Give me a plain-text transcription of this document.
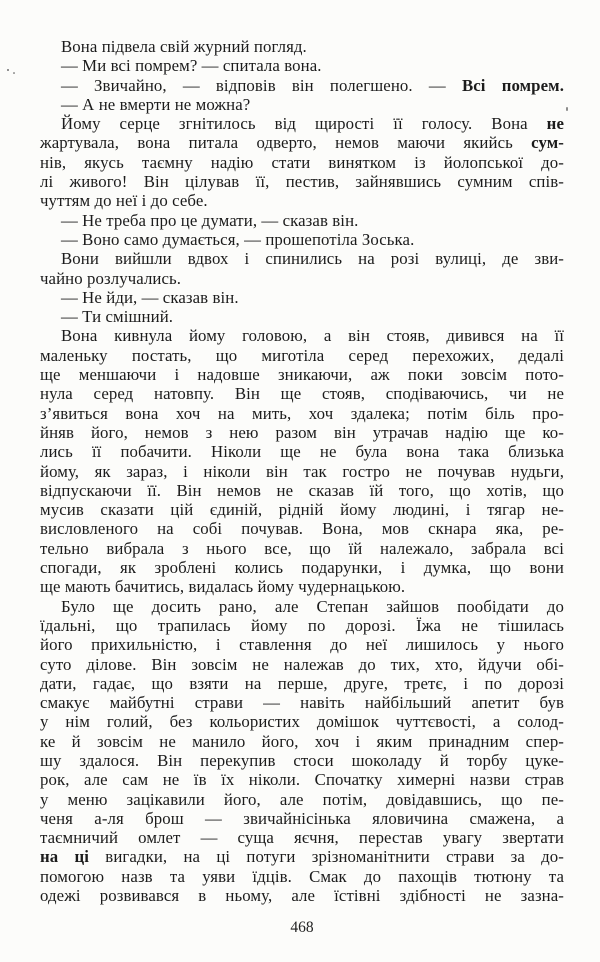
Вона підвела свій журний погляд.
— Ми всі помрем? — спитала вона.
— Звичайно, — відповів він полегшено. — Всі помрем.
— А не вмерти не можна?
Йому серце згнітилось від щирості її голосу. Вона не
жартувала, вона питала одверто, немов маючи якийсь сум-
нів, якусь таємну надію стати винятком із йолопської до-
лі живого! Він цілував її, пестив, зайнявшись сумним спів-
чуттям до неї і до себе.
— Не треба про це думати, — сказав він.
— Воно само думається, — прошепотіла Зоська.
Вони вийшли вдвох і спинились на розі вулиці, де зви-
чайно розлучались.
— Не йди, — сказав він.
— Ти смішний.
Вона кивнула йому головою, а він стояв, дивився на її
маленьку постать, що миготіла серед перехожих, дедалі
ще меншаючи і надовше зникаючи, аж поки зовсім пото-
нула серед натовпу. Він ще стояв, сподіваючись, чи не
з’явиться вона хоч на мить, хоч здалека; потім біль про-
йняв його, немов з нею разом він утрачав надію ще ко-
лись її побачити. Ніколи ще не була вона така близька
йому, як зараз, і ніколи він так гостро не почував нудьги,
відпускаючи її. Він немов не сказав їй того, що хотів, що
мусив сказати цій єдиній, рідній йому людині, і тягар не-
висловленого на собі почував. Вона, мов скнара яка, ре-
тельно вибрала з нього все, що їй належало, забрала всі
спогади, як зроблені колись подарунки, і думка, що вони
ще мають бачитись, видалась йому чудернацькою.
Було ще досить рано, але Степан зайшов пообідати до
їдальні, що трапилась йому по дорозі. Їжа не тішилась
його прихильністю, і ставлення до неї лишилось у нього
суто ділове. Він зовсім не належав до тих, хто, йдучи обі-
дати, гадає, що взяти на перше, друге, третє, і по дорозі
смакує майбутні страви — навіть найбільший апетит був
у нім голий, без кольористих домішок чуттєвості, а солод-
ке й зовсім не манило його, хоч і яким принадним спер-
шу здалося. Він перекупив стоси шоколаду й торбу цуке-
рок, але сам не їв їх ніколи. Спочатку химерні назви страв
у меню зацікавили його, але потім, довідавшись, що пе-
ченя а-ля брош — звичайнісінька яловичина смажена, а
таємничий омлет — суща яєчня, перестав увагу звертати
на ці вигадки, на ці потуги зрізноманітнити страви за до-
помогою назв та уяви їдців. Смак до пахощів тютюну та
одежі розвивався в ньому, але їстівні здібності не зазна-
468
